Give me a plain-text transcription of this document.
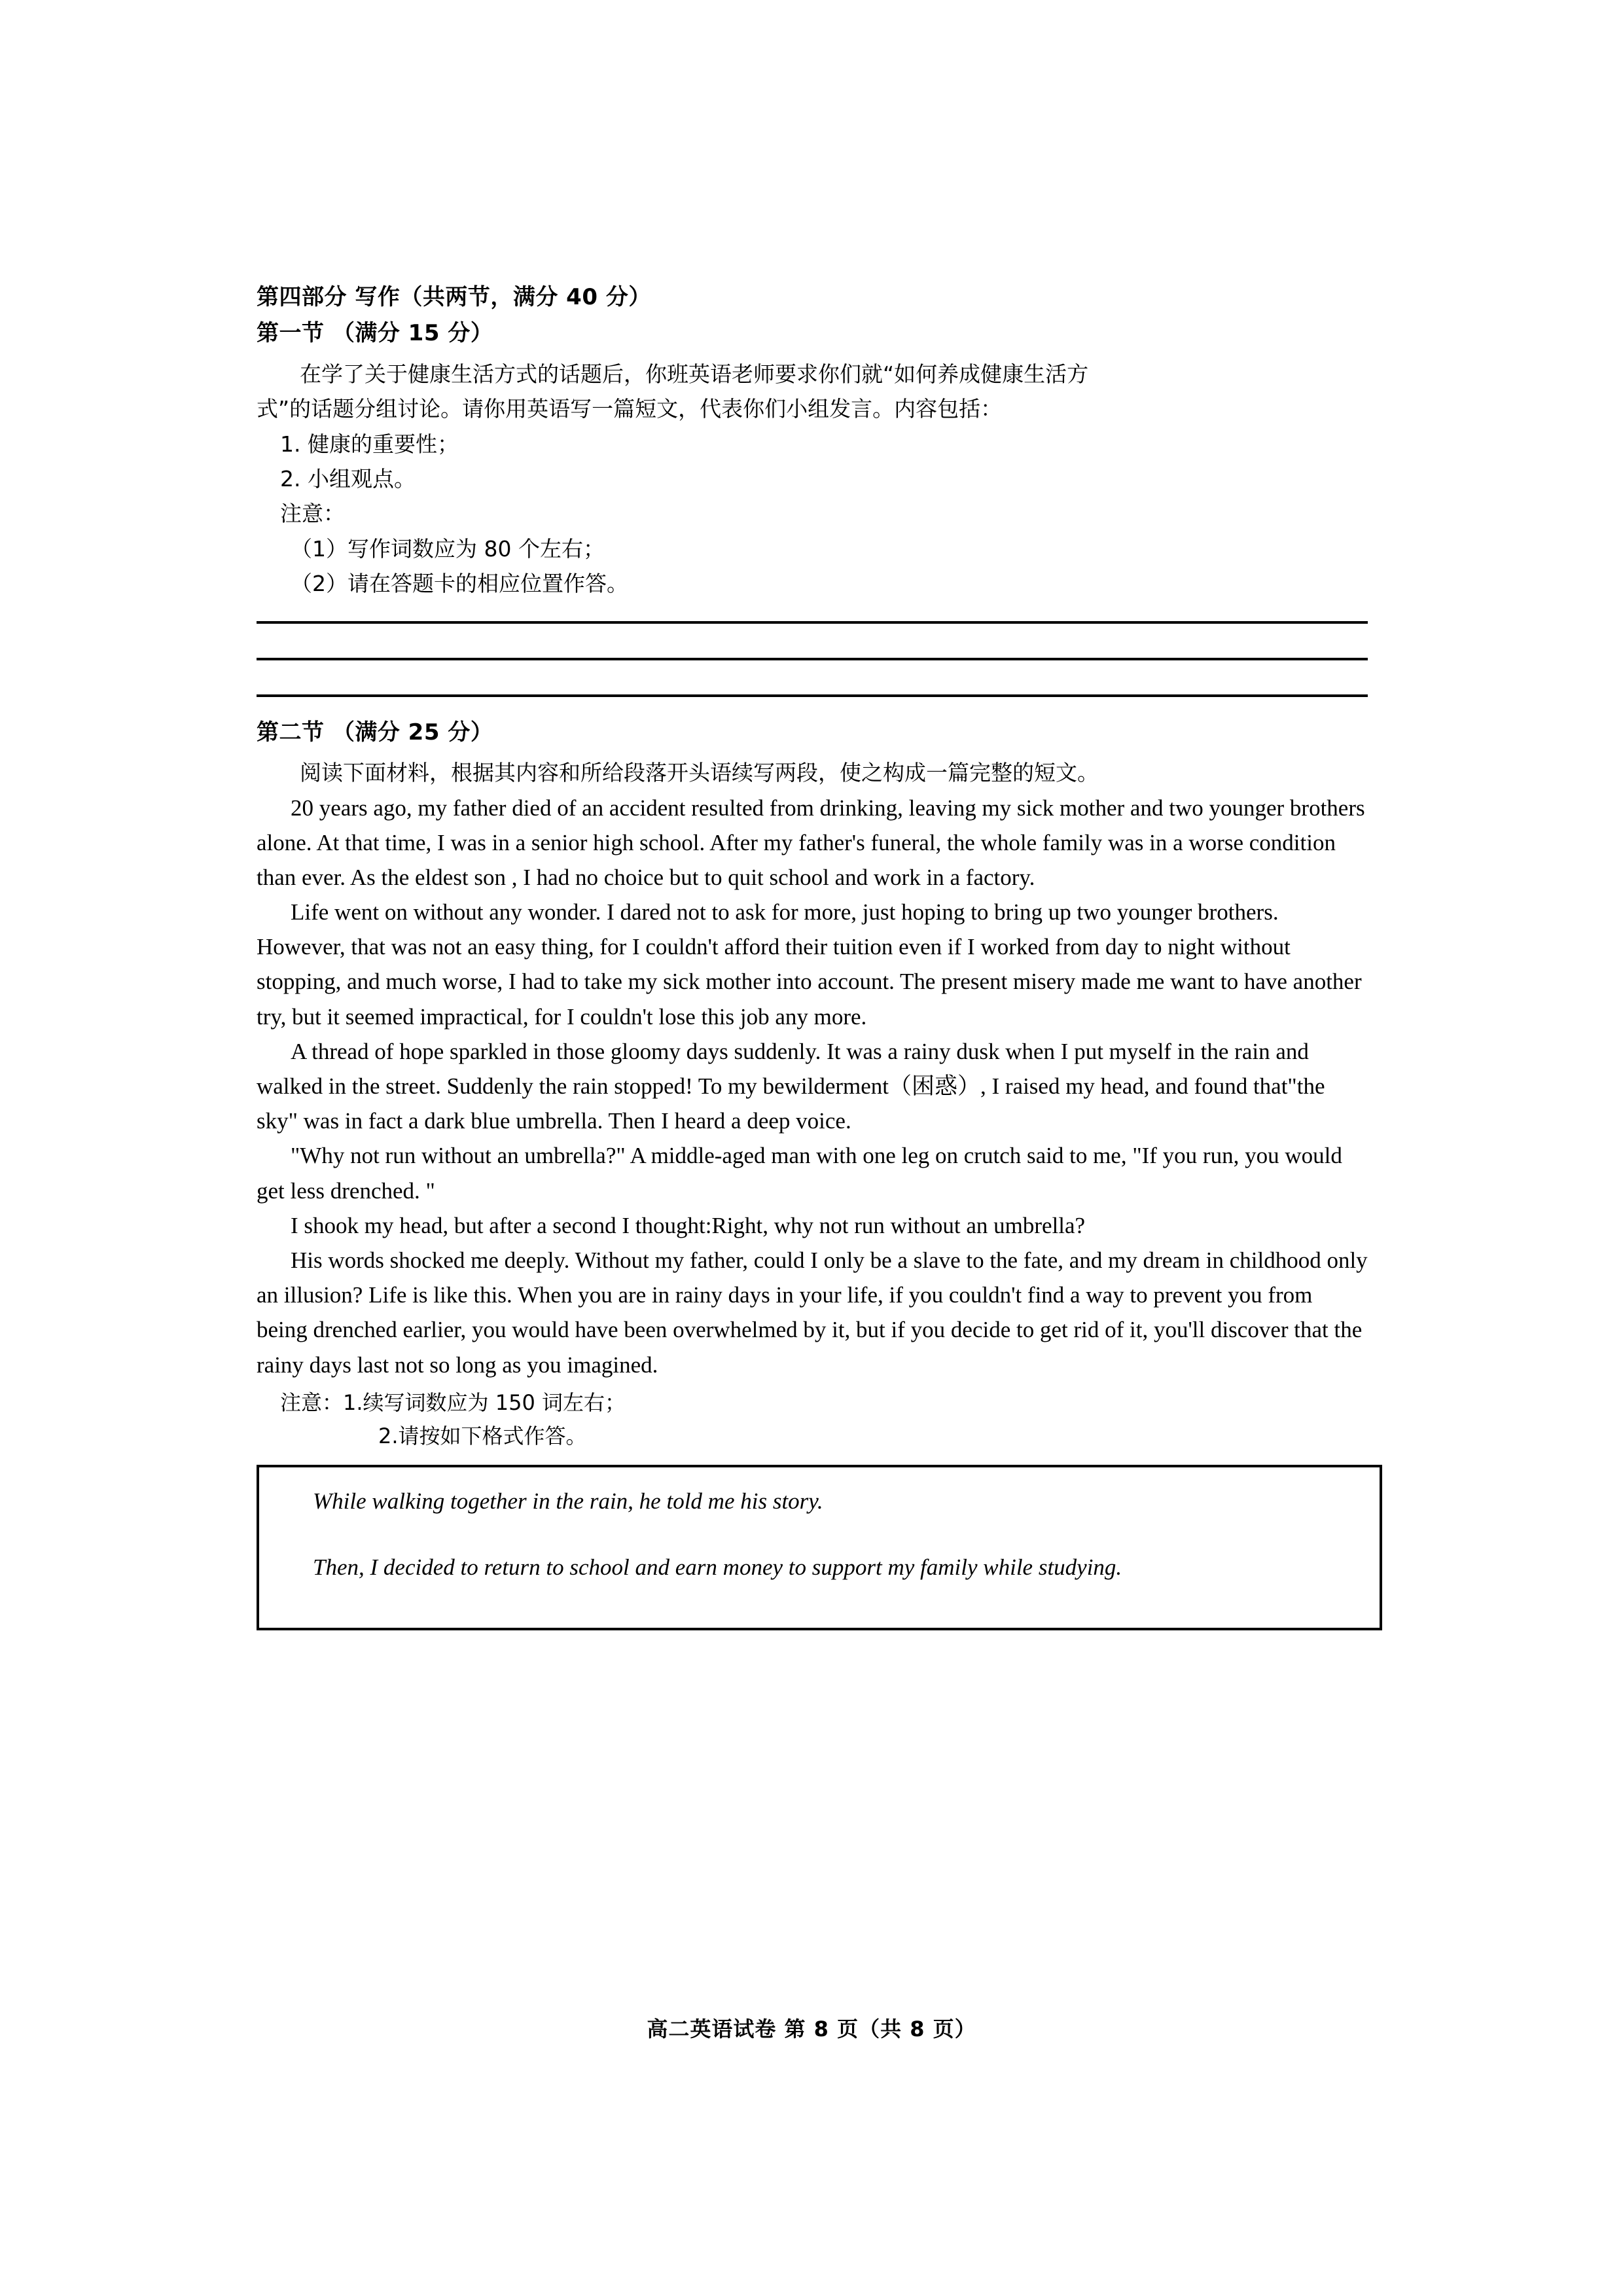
第四部分 写作（共两节，满分 40 分）

第一节 （满分 15 分）

在学了关于健康生活方式的话题后，你班英语老师要求你们就“如何养成健康生活方

式”的话题分组讨论。请你用英语写一篇短文，代表你们小组发言。内容包括：

1. 健康的重要性；

2. 小组观点。

注意：

（1）写作词数应为 80 个左右；

（2）请在答题卡的相应位置作答。

第二节 （满分 25 分）

阅读下面材料，根据其内容和所给段落开头语续写两段，使之构成一篇完整的短文。

20 years ago, my father died of an accident resulted from drinking, leaving my sick mother and two younger brothers alone. At that time, I was in a senior high school. After my father's funeral, the whole family was in a worse condition than ever. As the eldest son , I had no choice but to quit school and work in a factory.

Life went on without any wonder. I dared not to ask for more, just hoping to bring up two younger brothers. However, that was not an easy thing, for I couldn't afford their tuition even if I worked from day to night without stopping, and much worse, I had to take my sick mother into account. The present misery made me want to have another try, but it seemed impractical, for I couldn't lose this job any more.

A thread of hope sparkled in those gloomy days suddenly. It was a rainy dusk when I put myself in the rain and walked in the street. Suddenly the rain stopped! To my bewilderment（困惑）, I raised my head, and found that"the sky" was in fact a dark blue umbrella. Then I heard a deep voice.

"Why not run without an umbrella?" A middle-aged man with one leg on crutch said to me, "If you run, you would get less drenched. "

I shook my head, but after a second I thought:Right, why not run without an umbrella?

His words shocked me deeply. Without my father, could I only be a slave to the fate, and my dream in childhood only an illusion? Life is like this. When you are in rainy days in your life, if you couldn't find a way to prevent you from being drenched earlier, you would have been overwhelmed by it, but if you decide to get rid of it, you'll discover that the rainy days last not so long as you imagined.

注意： 1.续写词数应为 150 词左右；
2.请按如下格式作答。

While walking together in the rain, he told me his story.

Then, I decided to return to school and earn money to support my family while studying.

高二英语试卷 第 8 页（共 8 页）
